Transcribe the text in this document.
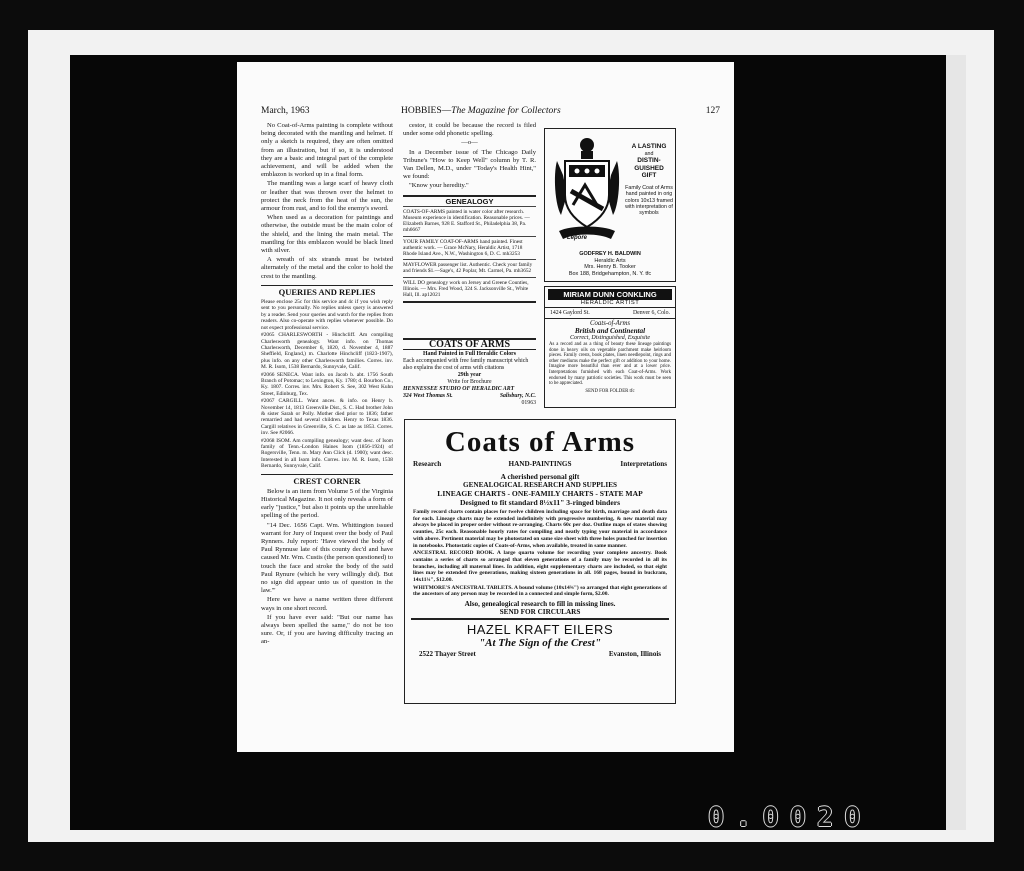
March, 1963	HOBBIES—The Magazine for Collectors	127

No Coat-of-Arms painting is complete without being decorated with the mantling and helmet. If only a sketch is required, they are often omitted from an illustration, but if so, it is understood they are a basic and integral part of the complete achievement, and will be added when the emblazon is worked up in a final form.

The mantling was a large scarf of heavy cloth or leather that was thrown over the helmet to protect the neck from the heat of the sun, the armour from rust, and to foil the enemy's sword.

When used as a decoration for paintings and otherwise, the outside must be the main color of the shield, and the lining the main metal. The mantling for this emblazon would be black lined with silver.

A wreath of six strands must be twisted alternately of the metal and the color to hold the crest to the mantling.

QUERIES AND REPLIES

Please enclose 25c for this service and 4c if you wish reply sent to you personally. No replies unless query is answered by a reader. Send your queries and watch for the replies from readers. Also co-operate with replies whenever possible. Do not expect professional service.

#2065 CHARLESWORTH - Hinchcliff. Am compiling Charlesworth genealogy. Want info. on Thomas Charlesworth, December 6, 1820, d. November 4, 1887 Sheffield, England,) m. Charlotte Hinchcliff (1823-1907), plus info. on any other Charlesworth families. Corres. inv. M. R. Isom, 1538 Bernardo, Sunnyvale, Calif.

#2066 SENECA. Want info. on Jacob b. abt. 1756 South Branch of Potomac; to Lexington, Ky. 1780; d. Bourbon Co., Ky. 1807. Corres. inv. Mrs. Robert S. See, 302 West Kuhn Street, Edinburg, Tex.

#2067 CARGILL. Want ances. & info. on Henry b. November 14, 1813 Greenville Dist., S. C. Had brother John & sister Sarah or Polly. Mother died prior to 1836; father remarried and had several children. Henry to Texas 1836. Cargill relatives in Greenville, S. C. as late as 1853. Corres. inv. See #2066.

#2068 ISOM. Am compiling genealogy; want desc. of Isom family of Tenn.-London Haines Isom (1856-1924) of Rogersville, Tenn. m. Mary Ann Click (d. 1900); want desc. Interested in all Isom info. Corres. inv. M. R. Isom, 1538 Bernardo, Sunnyvale, Calif.

CREST CORNER

Below is an item from Volume 5 of the Virginia Historical Magazine. It not only reveals a form of early "justice," but also it points up the unreliable spelling of the period.

"14 Dec. 1656 Capt. Wm. Whittington issued warrant for Jury of Inquest over the body of Paul Rynners. July report: 'Have viewed the body of Paul Rynnuse late of this county dec'd and have caused Mr. Wm. Custis (the person questioned) to touch the face and stroke the body of the said Paul Rynure (which he very willingly did). But no sign did appear unto us of question in the law.'"

Here we have a name written three different ways in one short record.

If you have ever said: "But our name has always been spelled the same," do not be too sure. Or, if you are having difficulty tracing an an-

cestor, it could be because the record is filed under some odd phonetic spelling.

—o—

In a December issue of The Chicago Daily Tribune's "How to Keep Well" column by T. R. Van Dellen, M.D., under "Today's Health Hint," we found:

"Know your heredity."

GENEALOGY
COATS-OF-ARMS painted in water color after research. Museum experience in identification. Reasonable prices. — Elizabeth Barnes, 928 E. Stafford St., Philadelphia 38, Pa. mh6667
YOUR FAMILY COAT-OF-ARMS hand painted. Finest authentic work. — Grace McNary, Heraldic Artist, 1718 Rhode Island Ave., N.W., Washington 6, D. C. mh3253
MAYFLOWER passenger list. Authentic. Check your family and friends $1.—Sage's, 42 Poplar, Mt. Carmel, Pa. mh3652
WILL DO genealogy work on Jersey and Greene Counties, Illinois. — Mrs. Fred Wood, 324 S. Jacksonville St., White Hall, Ill. ap12021
COATS OF ARMS
Hand Painted in Full Heraldic Colors
Each accompanied with free family manuscript which also explains the cost of arms with citations
29th year
Write for Brochure
HENNESSEE STUDIO OF HERALDIC ART
324 West Thomas St.	Salisbury, N.C.
01963
Lepore
A LASTING
and
DISTIN-
GUISHED
GIFT
Family Coat of Arms hand painted in orig colors 10x13 framed with interpretation of symbols
GODFREY H. BALDWIN
Heraldic Arts
Mrs. Henry B. Tooker
Box 188, Bridgehampton, N. Y. tfc
MIRIAM DUNN CONKLING
HERALDIC ARTIST
1424 Gaylord St.	Denver 6, Colo.
Coats-of-Arms
British and Continental
Correct, Distinguished, Exquisite
As a record and as a thing of beauty these lineage paintings done in heavy oils on vegetable parchment make heirloom pieces. Family crests, book plates, linen needlepoint, rings and other mediums make the perfect gift or addition to your home. Imagine more beautiful than ever and at a lower price. Interpretations furnished with each Coat-of-Arms. Work endorsed by many patriotic societies. This work must be seen to be appreciated.
SEND FOR FOLDER tfc
Coats of Arms
Research	HAND-PAINTINGS	Interpretations
A cherished personal gift
GENEALOGICAL RESEARCH AND SUPPLIES
LINEAGE CHARTS - ONE-FAMILY CHARTS - STATE MAP
Designed to fit standard 8½x11" 3-ringed binders

Family record charts contain places for twelve children including space for birth, marriage and death data for each. Lineage charts may be extended indefinitely with progressive numbering, & new material may always be placed in proper order without re-arranging. Charts 60c per doz. Outline maps of states showing counties, 25c each. Reasonable hourly rates for compiling and neatly typing your material in accordance with above. Pertinent material may be photostated on same size sheet with three holes punched for insertion in notebooks. Photostatic copies of Coats-of-Arms, when available, treated in same manner.

ANCESTRAL RECORD BOOK. A large quarto volume for recording your complete ancestry. Book contains a series of charts so arranged that eleven generations of a family may be recorded in all its branches, including all maternal lines. In addition, eight supplementary charts are included, so that eight lines may be extended five generations, making sixteen generations in all. 168 pages, bound in buckram, 14x11¼", $12.00.

WHITMORE'S ANCESTRAL TABLETS. A bound volume (10x14¾") so arranged that eight generations of the ancestors of any person may be recorded in a connected and simple form, $2.00.

Also, genealogical research to fill in missing lines.
SEND FOR CIRCULARS
HAZEL KRAFT EILERS
"At The Sign of the Crest"
2522 Thayer Street	Evanston, Illinois
0.0020
